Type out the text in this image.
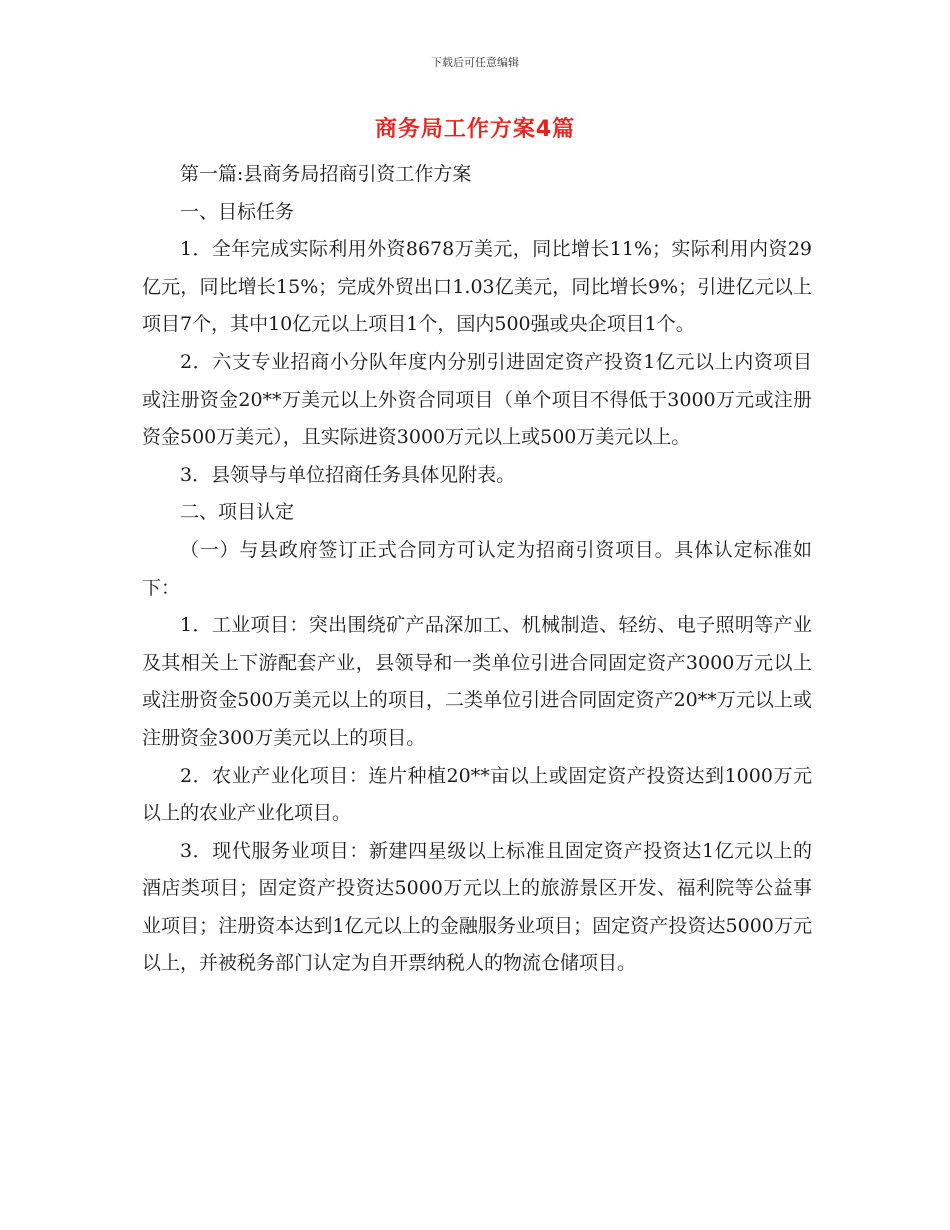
下载后可任意编辑
商务局工作方案4篇

第一篇:县商务局招商引资工作方案

一、目标任务

1．全年完成实际利用外资8678万美元，同比增长11%；实际利用内资29亿元，同比增长15%；完成外贸出口1.03亿美元，同比增长9%；引进亿元以上项目7个，其中10亿元以上项目1个，国内500强或央企项目1个。

2．六支专业招商小分队年度内分别引进固定资产投资1亿元以上内资项目或注册资金20**万美元以上外资合同项目（单个项目不得低于3000万元或注册资金500万美元），且实际进资3000万元以上或500万美元以上。

3．县领导与单位招商任务具体见附表。

二、项目认定

（一）与县政府签订正式合同方可认定为招商引资项目。具体认定标准如下：

1．工业项目：突出围绕矿产品深加工、机械制造、轻纺、电子照明等产业及其相关上下游配套产业，县领导和一类单位引进合同固定资产3000万元以上或注册资金500万美元以上的项目，二类单位引进合同固定资产20**万元以上或注册资金300万美元以上的项目。

2．农业产业化项目：连片种植20**亩以上或固定资产投资达到1000万元以上的农业产业化项目。

3．现代服务业项目：新建四星级以上标准且固定资产投资达1亿元以上的酒店类项目；固定资产投资达5000万元以上的旅游景区开发、福利院等公益事业项目；注册资本达到1亿元以上的金融服务业项目；固定资产投资达5000万元以上，并被税务部门认定为自开票纳税人的物流仓储项目。
